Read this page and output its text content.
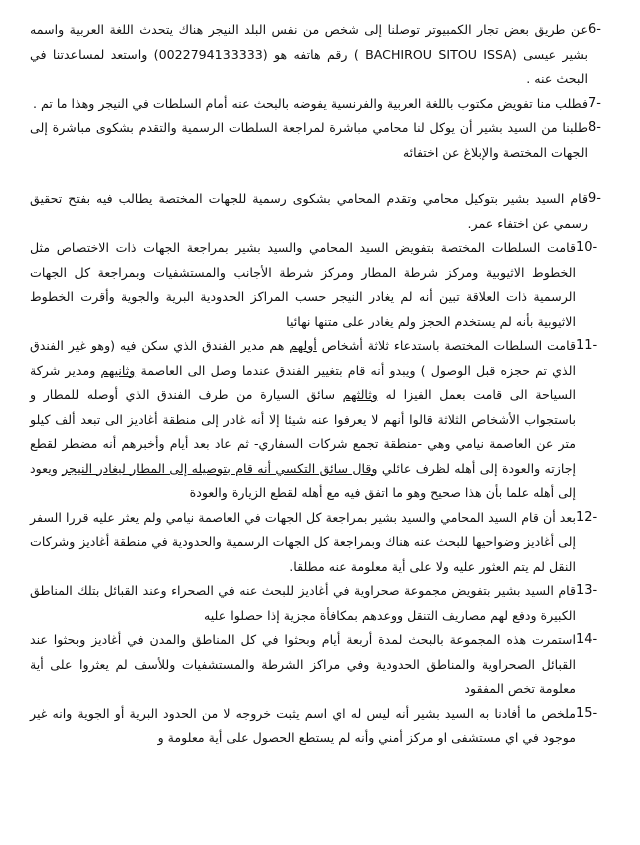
6-
عن طريق بعض تجار الكمبيوتر توصلنا إلى شخص من نفس البلد النيجر هناك يتحدث اللغة العربية واسمه بشير عيسى (BACHIROU SITOU ISSA ) رقم هاتفه هو (0022794133333) واستعد لمساعدتنا في البحث عنه .
7-
فطلب منا تفويض مكتوب باللغة العربية والفرنسية يفوضه بالبحث عنه أمام السلطات في النيجر وهذا ما تم .
8-
طلبنا من السيد بشير أن يوكل لنا محامي مباشرة لمراجعة السلطات الرسمية والتقدم بشكوى مباشرة إلى الجهات المختصة والإبلاغ عن اختفائه
9-
قام السيد بشير بتوكيل محامي وتقدم المحامي بشكوى رسمية للجهات المختصة يطالب فيه بفتح تحقيق رسمي عن اختفاء عمر.
10-
قامت السلطات المختصة بتفويض السيد المحامي والسيد بشير بمراجعة الجهات ذات الاختصاص مثل الخطوط الاثيوبية ومركز شرطة المطار ومركز شرطة الأجانب والمستشفيات وبمراجعة كل الجهات الرسمية ذات العلاقة تبين أنه لم يغادر النيجر حسب المراكز الحدودية البرية والجوية وأقرت الخطوط الاثيوبية بأنه لم يستخدم الحجز ولم يغادر على متنها نهائيا
11-
قامت السلطات المختصة باستدعاء ثلاثة أشخاص أولهم هم مدير الفندق الذي سكن فيه (وهو غير الفندق الذي تم حجزه قبل الوصول ) ويبدو أنه قام بتغيير الفندق عندما وصل الى العاصمة وثانيهم ومدير شركة السياحة الى قامت بعمل الفيزا له وثالثهم سائق السيارة من طرف الفندق الذي أوصله للمطار و باستجواب الأشخاص الثلاثة قالوا أنهم لا يعرفوا عنه شيئا إلا أنه غادر إلى منطقة أغاديز الى تبعد ألف كيلو متر عن العاصمة نيامي وهي -منطقة تجمع شركات السفاري- ثم عاد بعد أيام وأخبرهم أنه مضطر لقطع إجازته والعودة إلى أهله لظرف عائلي وقال سائق التكسي أنه قام بتوصيله إلى المطار ليغادر النيجر ويعود إلى أهله علما بأن هذا صحيح وهو ما اتفق فيه مع أهله لقطع الزيارة والعودة
12-
بعد أن قام السيد المحامي والسيد بشير بمراجعة كل الجهات في العاصمة نيامي ولم يعثر عليه قررا السفر إلى أغاديز وضواحيها للبحث عنه هناك وبمراجعة كل الجهات الرسمية والحدودية في منطقة أغاديز وشركات النقل لم يتم العثور عليه ولا على أية معلومة عنه مطلقا.
13-
قام السيد بشير بتفويض مجموعة صحراوية في أغاديز للبحث عنه في الصحراء وعند القبائل بتلك المناطق الكبيرة ودفع لهم مصاريف التنقل ووعدهم بمكافأة مجزية إذا حصلوا عليه
14-
استمرت هذه المجموعة بالبحث لمدة أربعة أيام وبحثوا في كل المناطق والمدن في أغاديز وبحثوا عند القبائل الصحراوية والمناطق الحدودية وفي مراكز الشرطة والمستشفيات وللأسف لم يعثروا على أية معلومة تخص المفقود
15-
ملخص ما أفادنا به السيد بشير أنه ليس له اي اسم يثبت خروجه لا من الحدود البرية أو الجوية وانه غير موجود في اي مستشفى او مركز أمني وأنه لم يستطع الحصول على أية معلومة و
